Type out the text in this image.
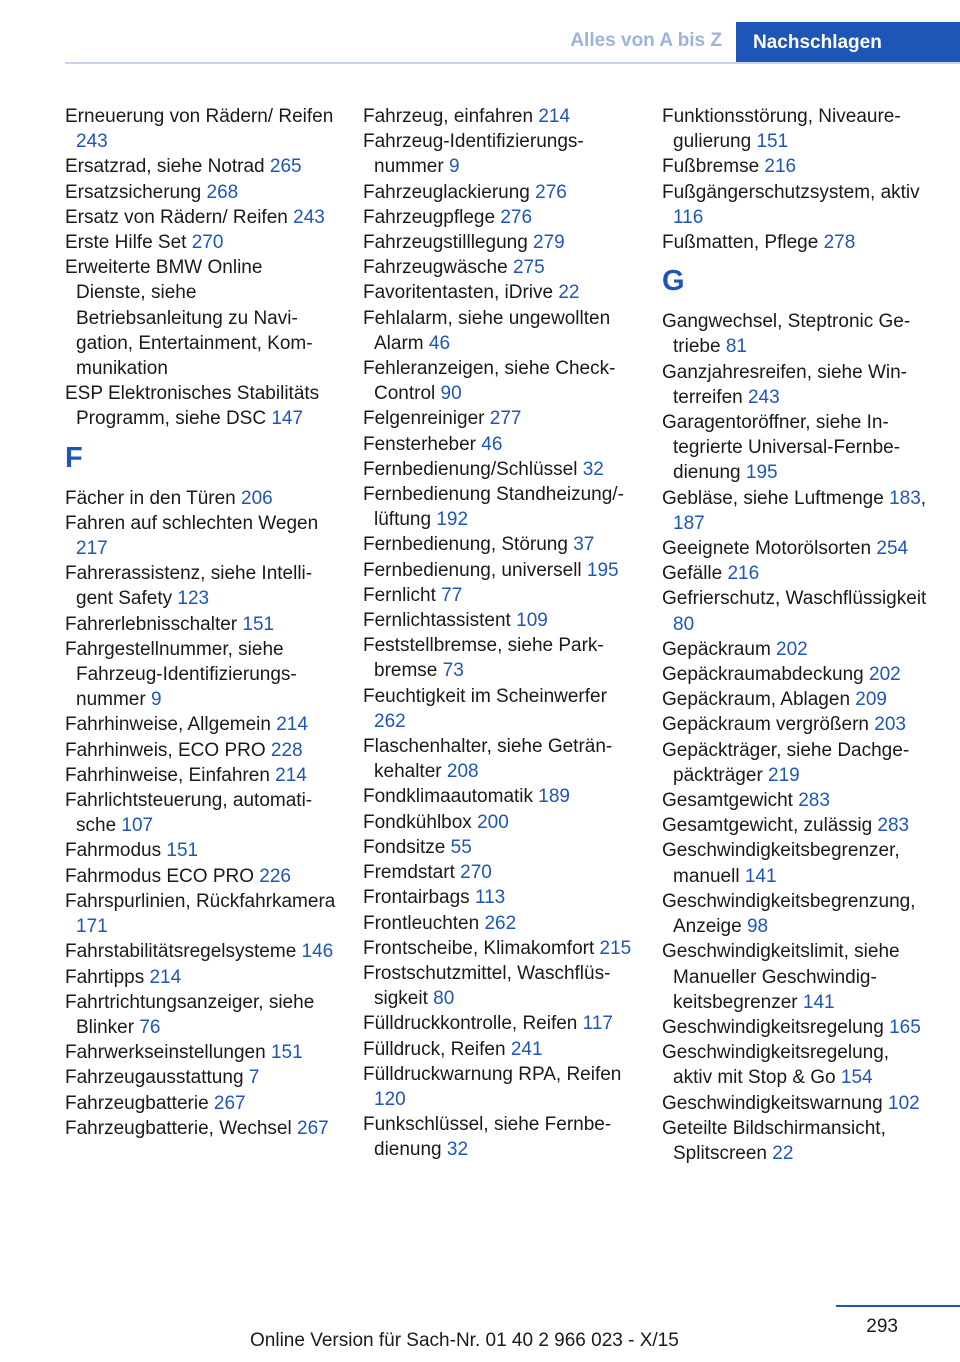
Alles von A bis Z Nachschlagen
Erneuerung von Rädern/ Reifen 243
Ersatzrad, siehe Notrad 265
Ersatzsicherung 268
Ersatz von Rädern/ Reifen 243
Erste Hilfe Set 270
Erweiterte BMW Online Dienste, siehe Betriebsanleitung zu Navigation, Entertainment, Kommunikation
ESP Elektronisches Stabilitäts Programm, siehe DSC 147
F
Fächer in den Türen 206
Fahren auf schlechten Wegen 217
Fahrerassistenz, siehe Intelligent Safety 123
Fahrerlebnisschalter 151
Fahrgestellnummer, siehe Fahrzeug-Identifizierungsnummer 9
Fahrhinweise, Allgemein 214
Fahrhinweis, ECO PRO 228
Fahrhinweise, Einfahren 214
Fahrlichtsteuerung, automatische 107
Fahrmodus 151
Fahrmodus ECO PRO 226
Fahrspurlinien, Rückfahrkamera 171
Fahrstabilitätsregelsysteme 146
Fahrtipps 214
Fahrtrichtungsanzeiger, siehe Blinker 76
Fahrwerkseinstellungen 151
Fahrzeugausstattung 7
Fahrzeugbatterie 267
Fahrzeugbatterie, Wechsel 267
Fahrzeug, einfahren 214
Fahrzeug-Identifizierungsnummer 9
Fahrzeuglackierung 276
Fahrzeugpflege 276
Fahrzeugstilllegung 279
Fahrzeugwäsche 275
Favoritentasten, iDrive 22
Fehlalarm, siehe ungewollten Alarm 46
Fehleranzeigen, siehe Check-Control 90
Felgenreiniger 277
Fensterheber 46
Fernbedienung/Schlüssel 32
Fernbedienung Standheizung/-lüftung 192
Fernbedienung, Störung 37
Fernbedienung, universell 195
Fernlicht 77
Fernlichtassistent 109
Feststellbremse, siehe Parkbremse 73
Feuchtigkeit im Scheinwerfer 262
Flaschenhalter, siehe Getränkehalter 208
Fondklimaautomatik 189
Fondkühlbox 200
Fondsitze 55
Fremdstart 270
Frontairbags 113
Frontleuchten 262
Frontscheibe, Klimakomfort 215
Frostschutzmittel, Waschflüssigkeit 80
Fülldruckkontrolle, Reifen 117
Fülldruck, Reifen 241
Fülldruckwarnung RPA, Reifen 120
Funkschlüssel, siehe Fernbedienung 32
Funktionsstörung, Niveauregulierung 151
Fußbremse 216
Fußgängerschutzsystem, aktiv 116
Fußmatten, Pflege 278
G
Gangwechsel, Steptronic Getriebe 81
Ganzjahresreifen, siehe Winterreifen 243
Garagentoröffner, siehe Integrierte Universal-Fernbedienung 195
Gebläse, siehe Luftmenge 183, 187
Geeignete Motorölsorten 254
Gefälle 216
Gefrierschutz, Waschflüssigkeit 80
Gepäckraum 202
Gepäckraumabdeckung 202
Gepäckraum, Ablagen 209
Gepäckraum vergrößern 203
Gepäckträger, siehe Dachgepäckträger 219
Gesamtgewicht 283
Gesamtgewicht, zulässig 283
Geschwindigkeitsbegrenzer, manuell 141
Geschwindigkeitsbegrenzung, Anzeige 98
Geschwindigkeitslimit, siehe Manueller Geschwindigkeitsbegrenzer 141
Geschwindigkeitsregelung 165
Geschwindigkeitsregelung, aktiv mit Stop & Go 154
Geschwindigkeitswarnung 102
Geteilte Bildschirmansicht, Splitscreen 22
293
Online Version für Sach-Nr. 01 40 2 966 023 - X/15
